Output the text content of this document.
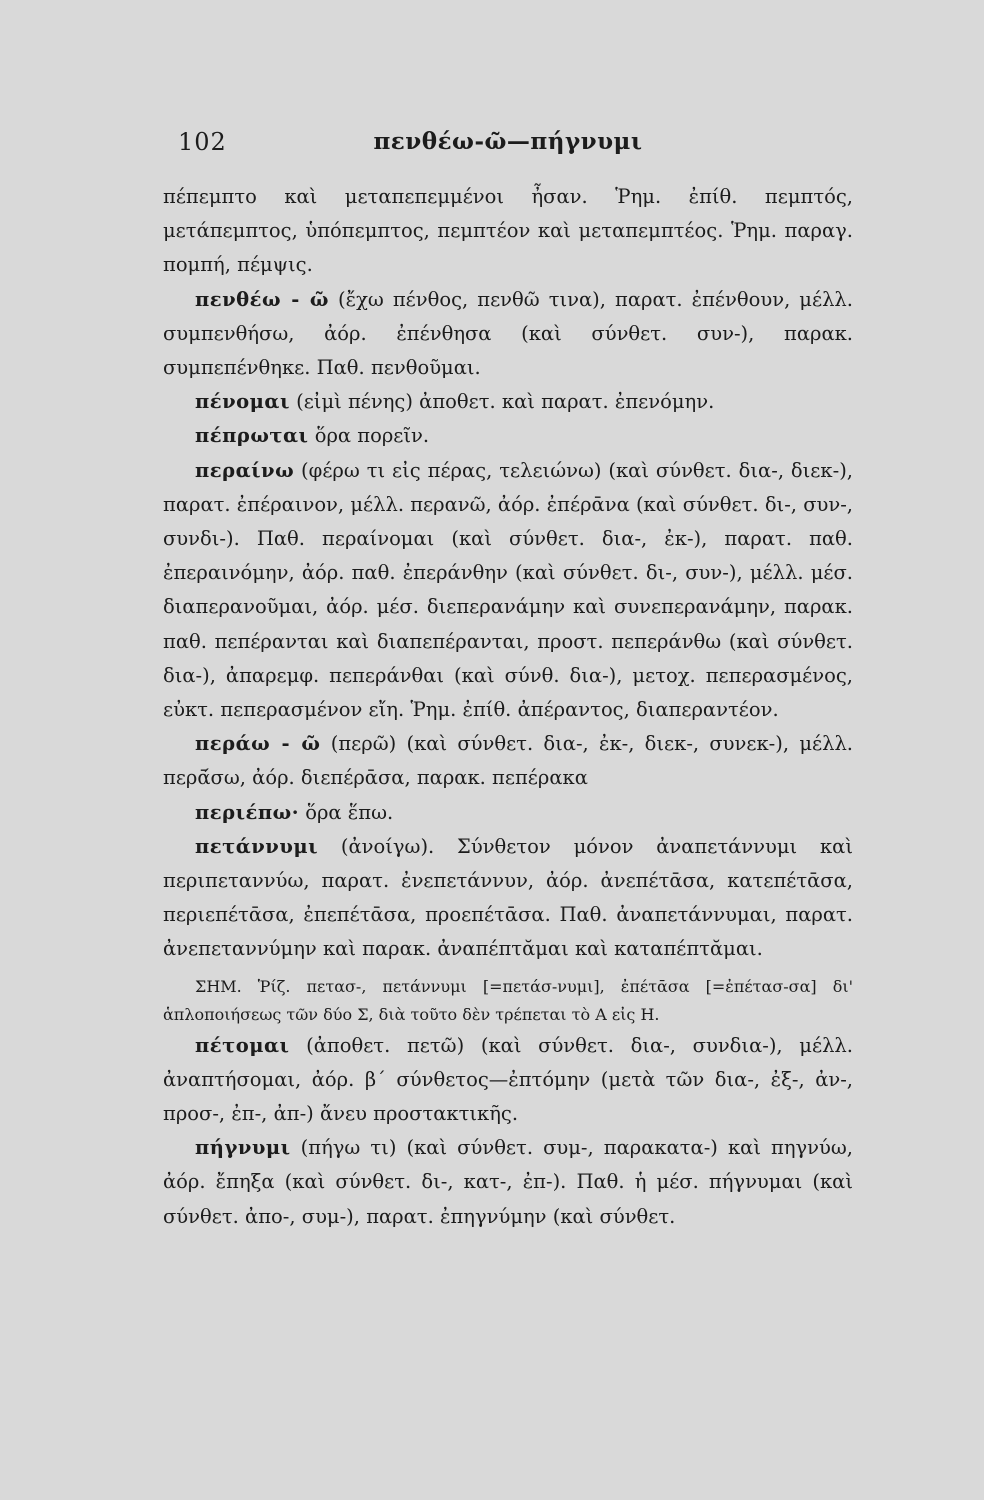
102	πενθέω-ῶ—πήγνυμι

πέπεμπτο καὶ μεταπεπεμμένοι ἦσαν. Ῥημ. ἐπίθ. πεμπτός, μετάπεμπτος, ὑπόπεμπτος, πεμπτέον καὶ μεταπεμπτέος. Ῥημ. παραγ. πομπή, πέμψις.

πενθέω - ῶ (ἔχω πένθος, πενθῶ τινα), παρατ. ἐπένθουν, μέλλ. συμπενθήσω, ἀόρ. ἐπένθησα (καὶ σύνθετ. συν-), παρακ. συμπεπένθηκε. Παθ. πενθοῦμαι.

πένομαι (εἰμὶ πένης) ἀποθετ. καὶ παρατ. ἐπενόμην.

πέπρωται ὅρα πορεῖν.

περαίνω (φέρω τι εἰς πέρας, τελειώνω) (καὶ σύνθετ. δια-, διεκ-), παρατ. ἐπέραινον, μέλλ. περανῶ, ἀόρ. ἐπέρᾱνα (καὶ σύνθετ. δι-, συν-, συνδι-). Παθ. περαίνομαι (καὶ σύνθετ. δια-, ἐκ-), παρατ. παθ. ἐπεραινόμην, ἀόρ. παθ. ἐπεράνθην (καὶ σύνθετ. δι-, συν-), μέλλ. μέσ. διαπερανοῦμαι, ἀόρ. μέσ. διεπερανάμην καὶ συνεπερανάμην, παρακ. παθ. πεπέρανται καὶ διαπεπέρανται, προστ. πεπεράνθω (καὶ σύνθετ. δια-), ἀπαρεμφ. πεπεράνθαι (καὶ σύνθ. δια-), μετοχ. πεπερασμένος, εὐκτ. πεπερασμένον εἴη. Ῥημ. ἐπίθ. ἀπέραντος, διαπεραντέον.

περάω - ῶ (περῶ) (καὶ σύνθετ. δια-, ἐκ-, διεκ-, συνεκ-), μέλλ. περᾱ́σω, ἀόρ. διεπέρᾱσα, παρακ. πεπέρακα

περιέπω· ὅρα ἕπω.

πετάννυμι (ἀνοίγω). Σύνθετον μόνον ἀναπετάννυμι καὶ περιπεταννύω, παρατ. ἐνεπετάννυν, ἀόρ. ἀνεπέτᾱσα, κατεπέτᾱσα, περιεπέτᾱσα, ἐπεπέτᾱσα, προεπέτᾱσα. Παθ. ἀναπετάννυμαι, παρατ. ἀνεπεταννύμην καὶ παρακ. ἀναπέπτᾰμαι καὶ καταπέπτᾰμαι.

ΣΗΜ. Ῥίζ. πετασ-, πετάννυμι [=πετάσ-νυμι], ἐπέτᾱσα [=ἐπέτασ-σα] δι' ἁπλοποιήσεως τῶν δύο Σ, διὰ τοῦτο δὲν τρέπεται τὸ Α εἰς Η.

πέτομαι (ἀποθετ. πετῶ) (καὶ σύνθετ. δια-, συνδια-), μέλλ. ἀναπτήσομαι, ἀόρ. β΄ σύνθετος—ἐπτόμην (μετὰ τῶν δια-, ἐξ-, ἀν-, προσ-, ἐπ-, ἀπ-) ἄνευ προστακτικῆς.

πήγνυμι (πήγω τι) (καὶ σύνθετ. συμ-, παρακατα-) καὶ πηγνύω, ἀόρ. ἔπηξα (καὶ σύνθετ. δι-, κατ-, ἐπ-). Παθ. ἡ μέσ. πήγνυμαι (καὶ σύνθετ. ἀπο-, συμ-), παρατ. ἐπηγνύμην (καὶ σύνθετ.
